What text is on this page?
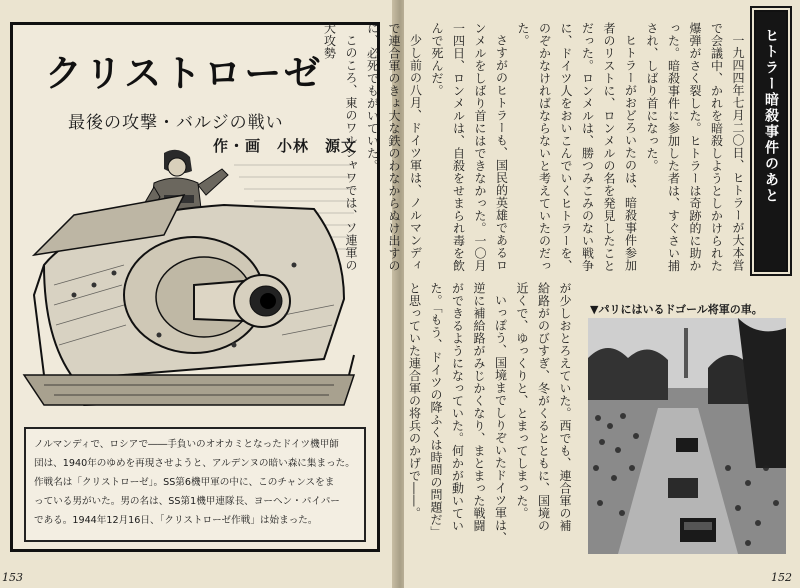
クリストローゼ
最後の攻撃・バルジの戦い
作・画　小林　源文

ノルマンディで、ロシアで――手負いのオオカミとなったドイツ機甲師

団は、1940年のゆめを再現させようと、アルデンヌの暗い森に集まった。

作戦名は「クリストローゼ」。SS第6機甲軍の中に、このチャンスをま

っている男がいた。男の名は、SS第1機甲連隊長、ヨーヘン・パイパー

である。1944年12月16日、「クリストローゼ作戦」は始まった。

153	152
ヒトラー暗殺事件のあと

一九四四年七月二〇日、ヒトラーが大本営で会議中、かれを暗殺しようとしかけられた爆弾がさく裂した。ヒトラーは奇跡的に助かった。暗殺事件に参加した者は、すぐさい捕され、しばり首になった。

ヒトラーがおどろいたのは、暗殺事件参加者のリストに、ロンメルの名を発見したことだった。ロンメルは、勝つみこみのない戦争に、ドイツ人をおいこんでいくヒトラーを、のぞかなければならないと考えていたのだった。

さすがのヒトラーも、国民的英雄であるロンメルをしばり首にはできなかった。一〇月一四日、ロンメルは、自殺をせまられ毒を飲んで死んだ。

少し前の八月、ドイツ軍は、ノルマンディで連合軍のきょ大な鉄のわなからぬけ出すのに、必死でもがいていた。

このころ、東のワルシャワでは、ソ連軍の大攻勢

が少しおとろえていた。西でも、連合軍の補給路がのびすぎ、冬がくるとともに、国境の近くで、ゆっくりと、とまってしまった。

いっぽう、国境までしりぞいたドイツ軍は、逆に補給路がみじかくなり、まとまった戦闘ができるようになっていた。何かが動いていた。「もう、ドイツの降ふくは時間の問題だ」と思っていた連合軍の将兵のかげで――。	▼パリにはいるドゴール将軍の車。
